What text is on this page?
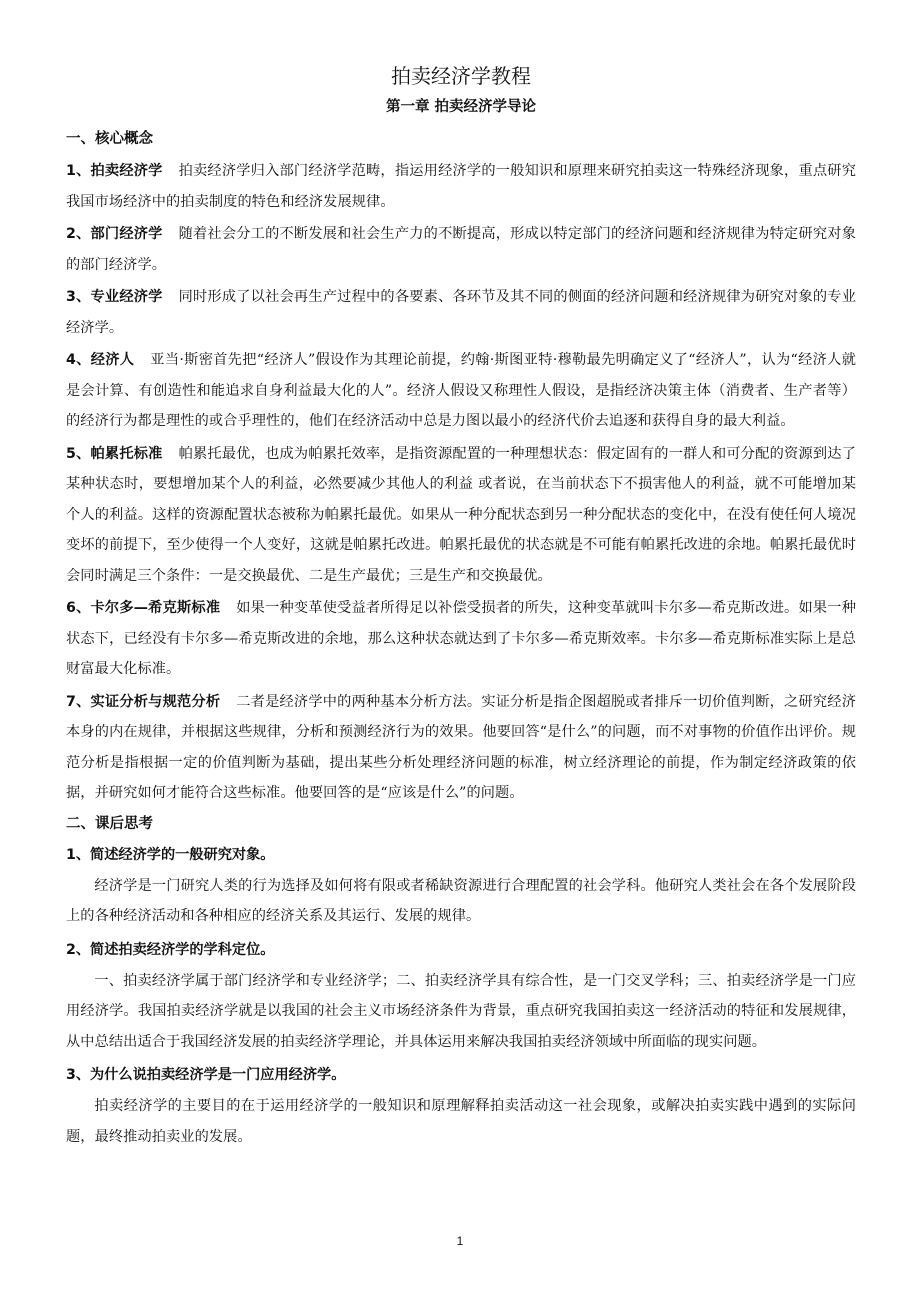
拍卖经济学教程
第一章 拍卖经济学导论
一、核心概念

1、拍卖经济学 拍卖经济学归入部门经济学范畴，指运用经济学的一般知识和原理来研究拍卖这一特殊经济现象，重点研究我国市场经济中的拍卖制度的特色和经济发展规律。

2、部门经济学 随着社会分工的不断发展和社会生产力的不断提高，形成以特定部门的经济问题和经济规律为特定研究对象的部门经济学。

3、专业经济学 同时形成了以社会再生产过程中的各要素、各环节及其不同的侧面的经济问题和经济规律为研究对象的专业经济学。

4、经济人 亚当·斯密首先把“经济人”假设作为其理论前提，约翰·斯图亚特·穆勒最先明确定义了“经济人”，认为“经济人就是会计算、有创造性和能追求自身利益最大化的人”。经济人假设又称理性人假设，是指经济决策主体（消费者、生产者等）的经济行为都是理性的或合乎理性的，他们在经济活动中总是力图以最小的经济代价去追逐和获得自身的最大利益。

5、帕累托标准 帕累托最优，也成为帕累托效率，是指资源配置的一种理想状态：假定固有的一群人和可分配的资源到达了某种状态时，要想增加某个人的利益，必然要减少其他人的利益 或者说，在当前状态下不损害他人的利益，就不可能增加某个人的利益。这样的资源配置状态被称为帕累托最优。如果从一种分配状态到另一种分配状态的变化中，在没有使任何人境况变坏的前提下，至少使得一个人变好，这就是帕累托改进。帕累托最优的状态就是不可能有帕累托改进的余地。帕累托最优时会同时满足三个条件：一是交换最优、二是生产最优；三是生产和交换最优。

6、卡尔多—希克斯标准 如果一种变革使受益者所得足以补偿受损者的所失，这种变革就叫卡尔多—希克斯改进。如果一种状态下，已经没有卡尔多—希克斯改进的余地，那么这种状态就达到了卡尔多—希克斯效率。卡尔多—希克斯标准实际上是总财富最大化标准。

7、实证分析与规范分析 二者是经济学中的两种基本分析方法。实证分析是指企图超脱或者排斥一切价值判断，之研究经济本身的内在规律，并根据这些规律，分析和预测经济行为的效果。他要回答“是什么”的问题，而不对事物的价值作出评价。规范分析是指根据一定的价值判断为基础，提出某些分析处理经济问题的标准，树立经济理论的前提，作为制定经济政策的依据，并研究如何才能符合这些标准。他要回答的是“应该是什么”的问题。

二、课后思考
1、简述经济学的一般研究对象。

经济学是一门研究人类的行为选择及如何将有限或者稀缺资源进行合理配置的社会学科。他研究人类社会在各个发展阶段上的各种经济活动和各种相应的经济关系及其运行、发展的规律。

2、简述拍卖经济学的学科定位。

一、拍卖经济学属于部门经济学和专业经济学；二、拍卖经济学具有综合性，是一门交叉学科；三、拍卖经济学是一门应用经济学。我国拍卖经济学就是以我国的社会主义市场经济条件为背景，重点研究我国拍卖这一经济活动的特征和发展规律，从中总结出适合于我国经济发展的拍卖经济学理论，并具体运用来解决我国拍卖经济领域中所面临的现实问题。

3、为什么说拍卖经济学是一门应用经济学。

拍卖经济学的主要目的在于运用经济学的一般知识和原理解释拍卖活动这一社会现象，或解决拍卖实践中遇到的实际问题，最终推动拍卖业的发展。

1
